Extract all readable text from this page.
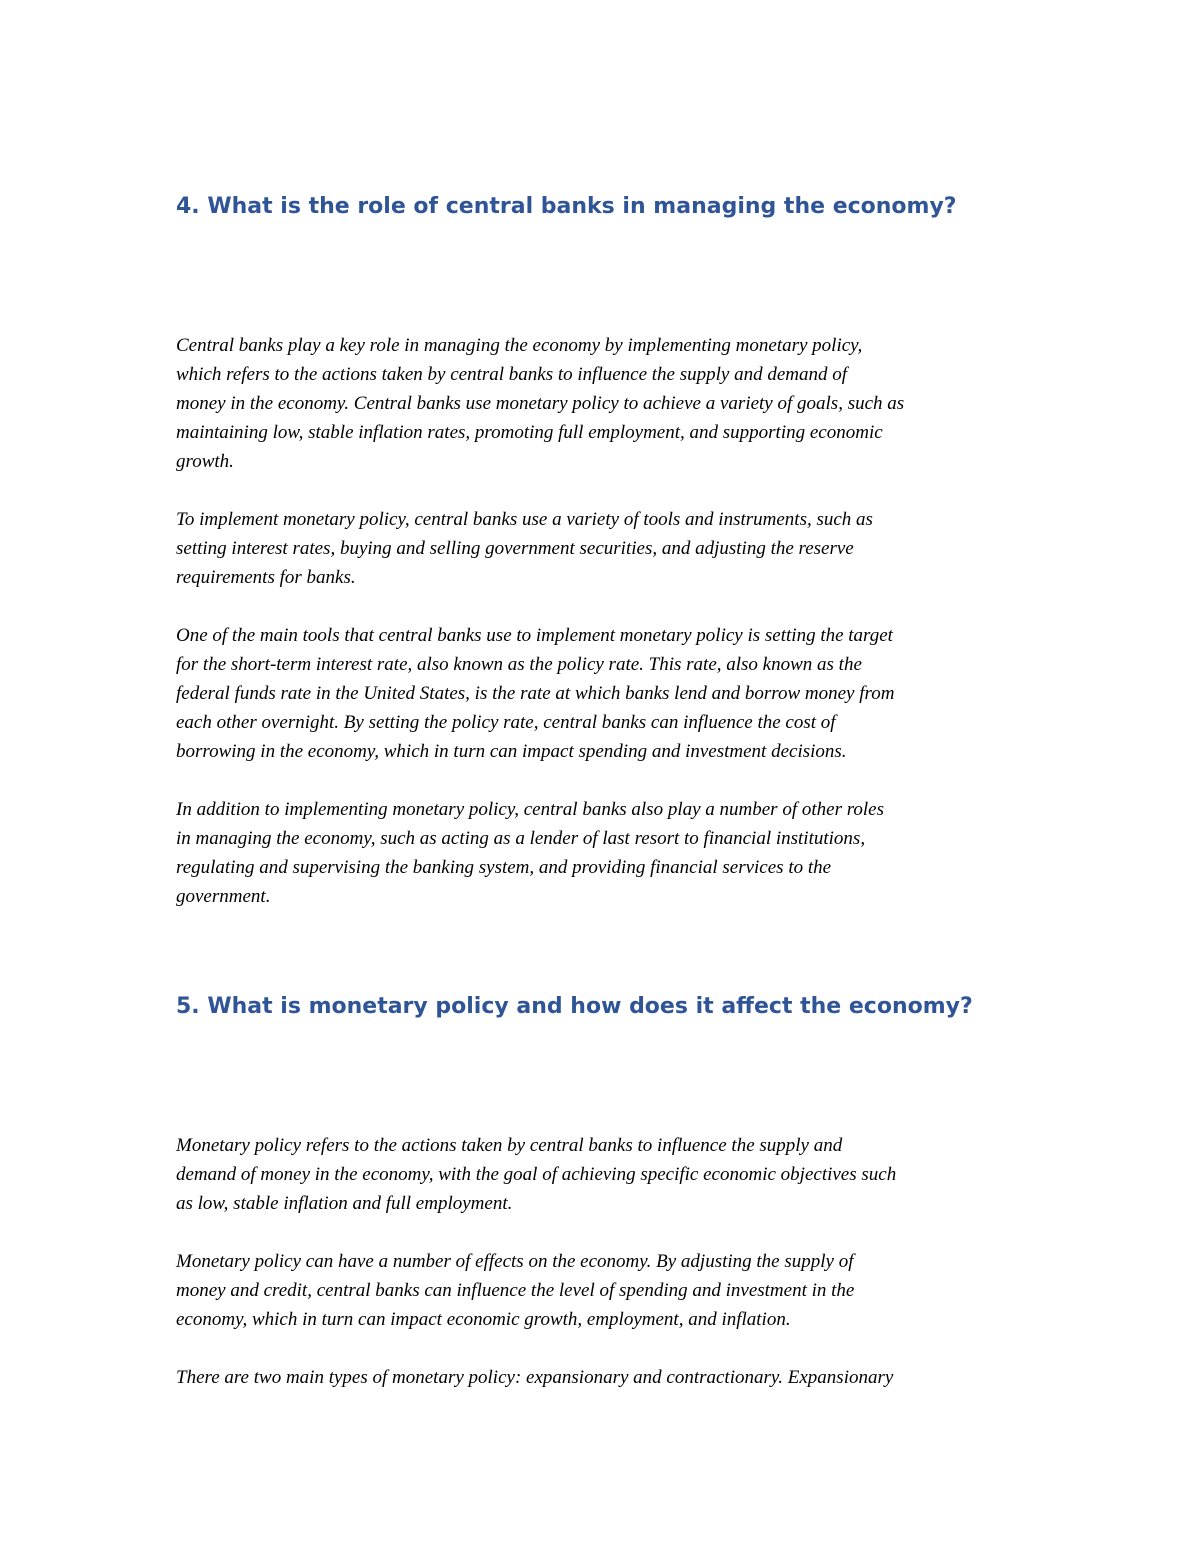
4. What is the role of central banks in managing the economy?

Central banks play a key role in managing the economy by implementing monetary policy,
which refers to the actions taken by central banks to influence the supply and demand of
money in the economy. Central banks use monetary policy to achieve a variety of goals, such as
maintaining low, stable inflation rates, promoting full employment, and supporting economic
growth.

To implement monetary policy, central banks use a variety of tools and instruments, such as
setting interest rates, buying and selling government securities, and adjusting the reserve
requirements for banks.

One of the main tools that central banks use to implement monetary policy is setting the target
for the short-term interest rate, also known as the policy rate. This rate, also known as the
federal funds rate in the United States, is the rate at which banks lend and borrow money from
each other overnight. By setting the policy rate, central banks can influence the cost of
borrowing in the economy, which in turn can impact spending and investment decisions.

In addition to implementing monetary policy, central banks also play a number of other roles
in managing the economy, such as acting as a lender of last resort to financial institutions,
regulating and supervising the banking system, and providing financial services to the
government.

5. What is monetary policy and how does it affect the economy?

Monetary policy refers to the actions taken by central banks to influence the supply and
demand of money in the economy, with the goal of achieving specific economic objectives such
as low, stable inflation and full employment.

Monetary policy can have a number of effects on the economy. By adjusting the supply of
money and credit, central banks can influence the level of spending and investment in the
economy, which in turn can impact economic growth, employment, and inflation.

There are two main types of monetary policy: expansionary and contractionary. Expansionary
